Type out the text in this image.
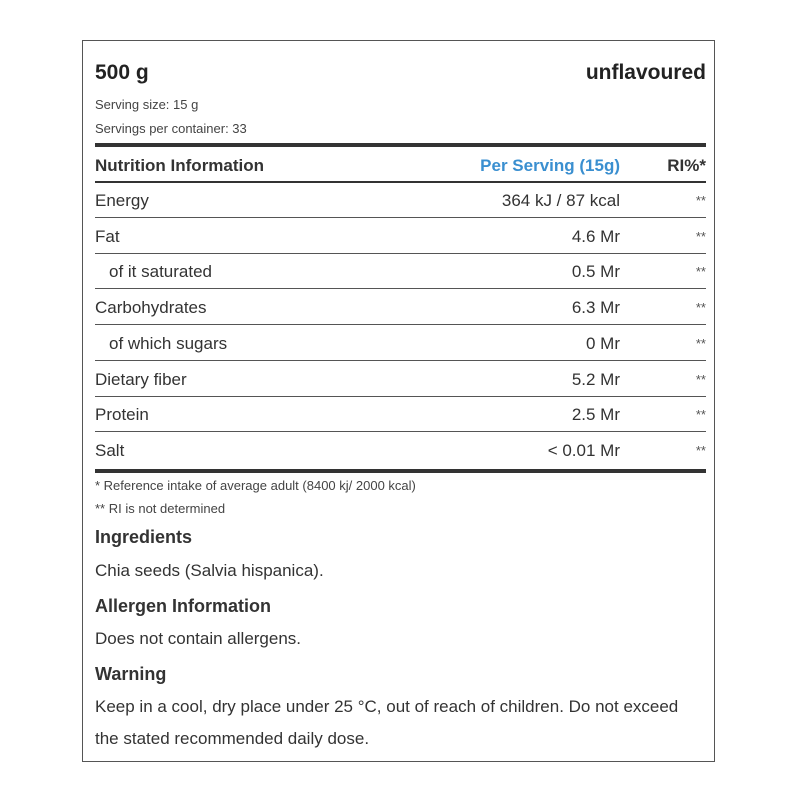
500 g	unflavoured
Serving size: 15 g
Servings per container: 33
Nutrition Information	Per Serving (15g)	RI%*
Energy	364 kJ / 87 kcal	**
Fat	4.6 Mr	**
of it saturated	0.5 Mr	**
Carbohydrates	6.3 Mr	**
of which sugars	0 Mr	**
Dietary fiber	5.2 Mr	**
Protein	2.5 Mr	**
Salt	< 0.01 Mr	**
* Reference intake of average adult (8400 kj/ 2000 kcal)
** RI is not determined
Ingredients
Chia seeds (Salvia hispanica).
Allergen Information
Does not contain allergens.
Warning
Keep in a cool, dry place under 25 °C, out of reach of children. Do not exceed the stated recommended daily dose.
